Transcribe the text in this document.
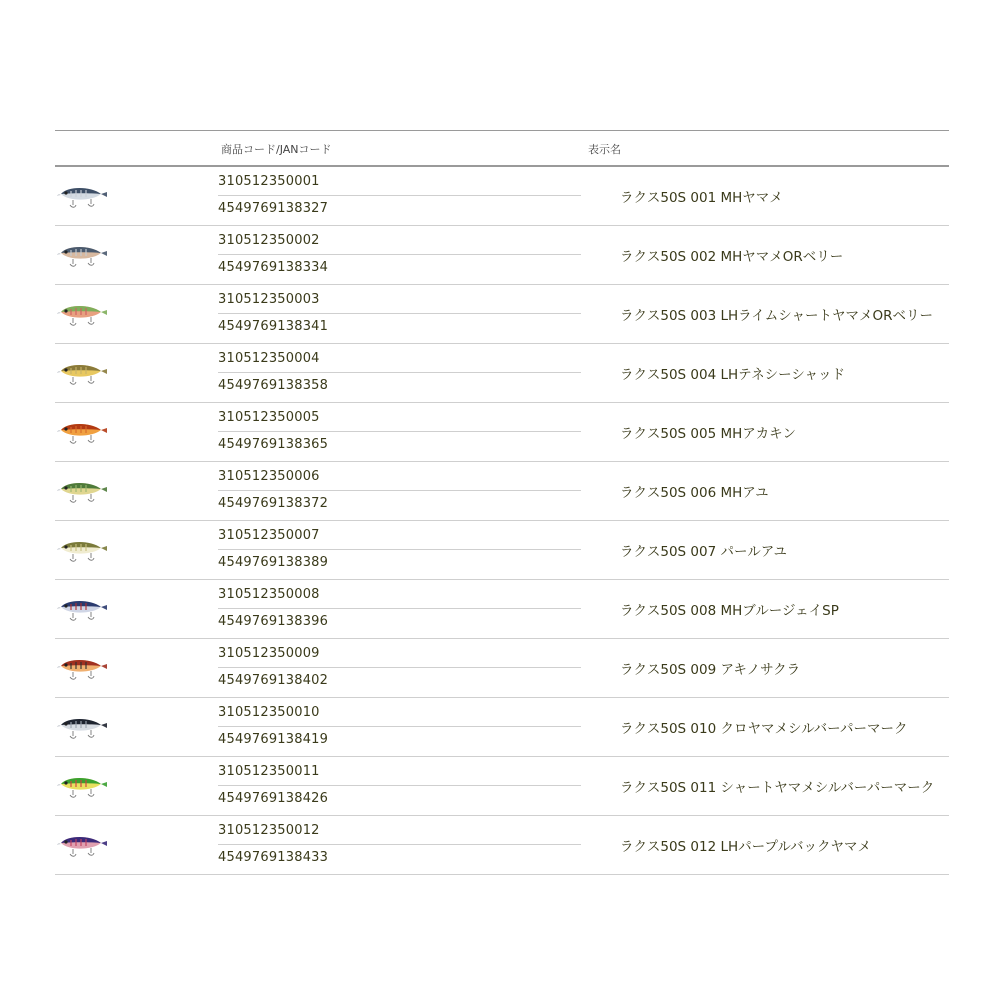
商品コード/JANコード	表示名
310512350001
4549769138327
ラクス50S 001 MHヤマメ
310512350002
4549769138334
ラクス50S 002 MHヤマメORベリー
310512350003
4549769138341
ラクス50S 003 LHライムシャートヤマメORベリー
310512350004
4549769138358
ラクス50S 004 LHテネシーシャッド
310512350005
4549769138365
ラクス50S 005 MHアカキン
310512350006
4549769138372
ラクス50S 006 MHアユ
310512350007
4549769138389
ラクス50S 007 パールアユ
310512350008
4549769138396
ラクス50S 008 MHブルージェイSP
310512350009
4549769138402
ラクス50S 009 アキノサクラ
310512350010
4549769138419
ラクス50S 010 クロヤマメシルバーパーマーク
310512350011
4549769138426
ラクス50S 011 シャートヤマメシルバーパーマーク
310512350012
4549769138433
ラクス50S 012 LHパープルバックヤマメ
